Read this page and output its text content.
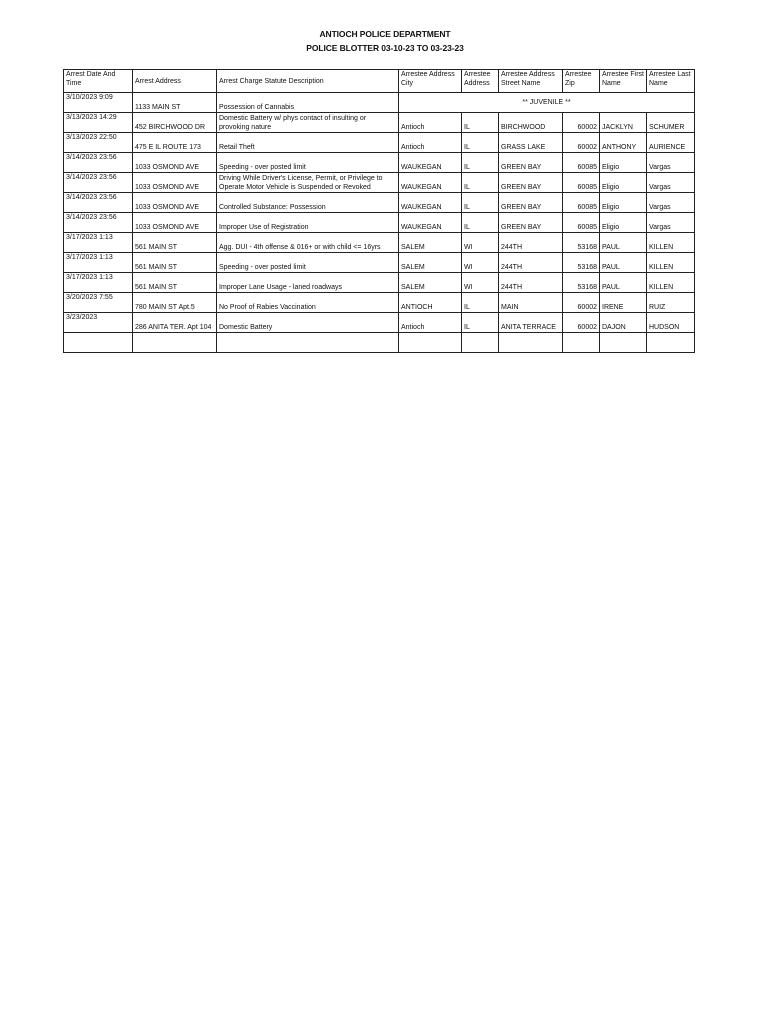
ANTIOCH POLICE DEPARTMENT
POLICE BLOTTER 03-10-23 TO 03-23-23
Arrest Date And Time	Arrest Address	Arrest Charge Statute Description	Arrestee Address City	Arrestee Address	Arrestee Address Street Name	Arrestee Zip	Arrestee First Name	Arrestee Last Name
3/10/2023 9:09	1133 MAIN ST	Possession of Cannabis	** JUVENILE **					
3/13/2023 14:29	452 BIRCHWOOD DR	Domestic Battery w/ phys contact of insulting or provoking nature	Antioch	IL	BIRCHWOOD	60002	JACKLYN	SCHUMER
3/13/2023 22:50	475 E IL ROUTE 173	Retail Theft	Antioch	IL	GRASS LAKE	60002	ANTHONY	AURIENCE
3/14/2023 23:56	1033 OSMOND AVE	Speeding - over posted limit	WAUKEGAN	IL	GREEN BAY	60085	Eligio	Vargas
3/14/2023 23:56	1033 OSMOND AVE	Driving While Driver's License, Permit, or Privilege to Operate Motor Vehicle is Suspended or Revoked	WAUKEGAN	IL	GREEN BAY	60085	Eligio	Vargas
3/14/2023 23:56	1033 OSMOND AVE	Controlled Substance: Possession	WAUKEGAN	IL	GREEN BAY	60085	Eligio	Vargas
3/14/2023 23:56	1033 OSMOND AVE	Improper Use of Registration	WAUKEGAN	IL	GREEN BAY	60085	Eligio	Vargas
3/17/2023 1:13	561 MAIN ST	Agg. DUI - 4th offense & 016+ or with child <= 16yrs	SALEM	WI	244TH	53168	PAUL	KILLEN
3/17/2023 1:13	561 MAIN ST	Speeding - over posted limit	SALEM	WI	244TH	53168	PAUL	KILLEN
3/17/2023 1:13	561 MAIN ST	Improper Lane Usage - laned roadways	SALEM	WI	244TH	53168	PAUL	KILLEN
3/20/2023 7:55	780 MAIN ST Apt.5	No Proof of Rabies Vaccination	ANTIOCH	IL	MAIN	60002	IRENE	RUIZ
3/23/2023	286 ANITA TER. Apt 104	Domestic Battery	Antioch	IL	ANITA TERRACE	60002	DAJON	HUDSON
